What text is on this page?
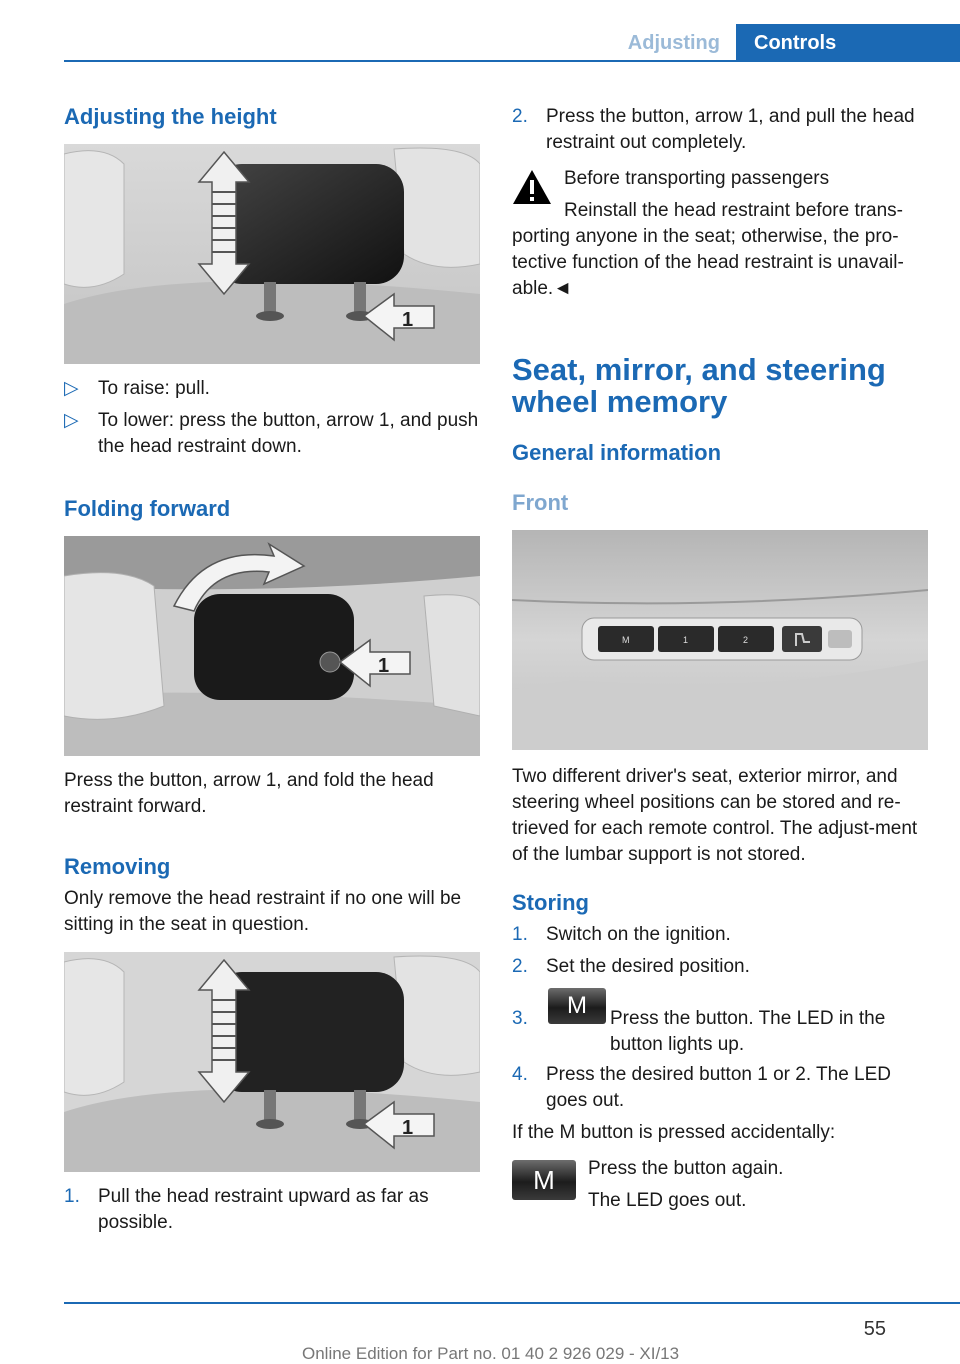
Adjusting	Controls
Adjusting the height
1
▷ To raise: pull.
▷ To lower: press the button, arrow 1, and push the head restraint down.
Folding forward
1
Press the button, arrow 1, and fold the head restraint forward.
Removing
Only remove the head restraint if no one will be sitting in the seat in question.
1
1. Pull the head restraint upward as far as possible.
2. Press the button, arrow 1, and pull the head restraint out completely.
Before transporting passengers
Reinstall the head restraint before trans-
porting anyone in the seat; otherwise, the pro-tective function of the head restraint is unavail-able.◄
Seat, mirror, and steering wheel memory
General information
Front
M	1	2
Two different driver's seat, exterior mirror, and steering wheel positions can be stored and re-trieved for each remote control. The adjust-ment of the lumbar support is not stored.
Storing
1. Switch on the ignition.
2. Set the desired position.
3.	M	Press the button. The LED in the button lights up.
4. Press the desired button 1 or 2. The LED goes out.
If the M button is pressed accidentally:
M	Press the button again.
The LED goes out.
55
Online Edition for Part no. 01 40 2 926 029 - XI/13
